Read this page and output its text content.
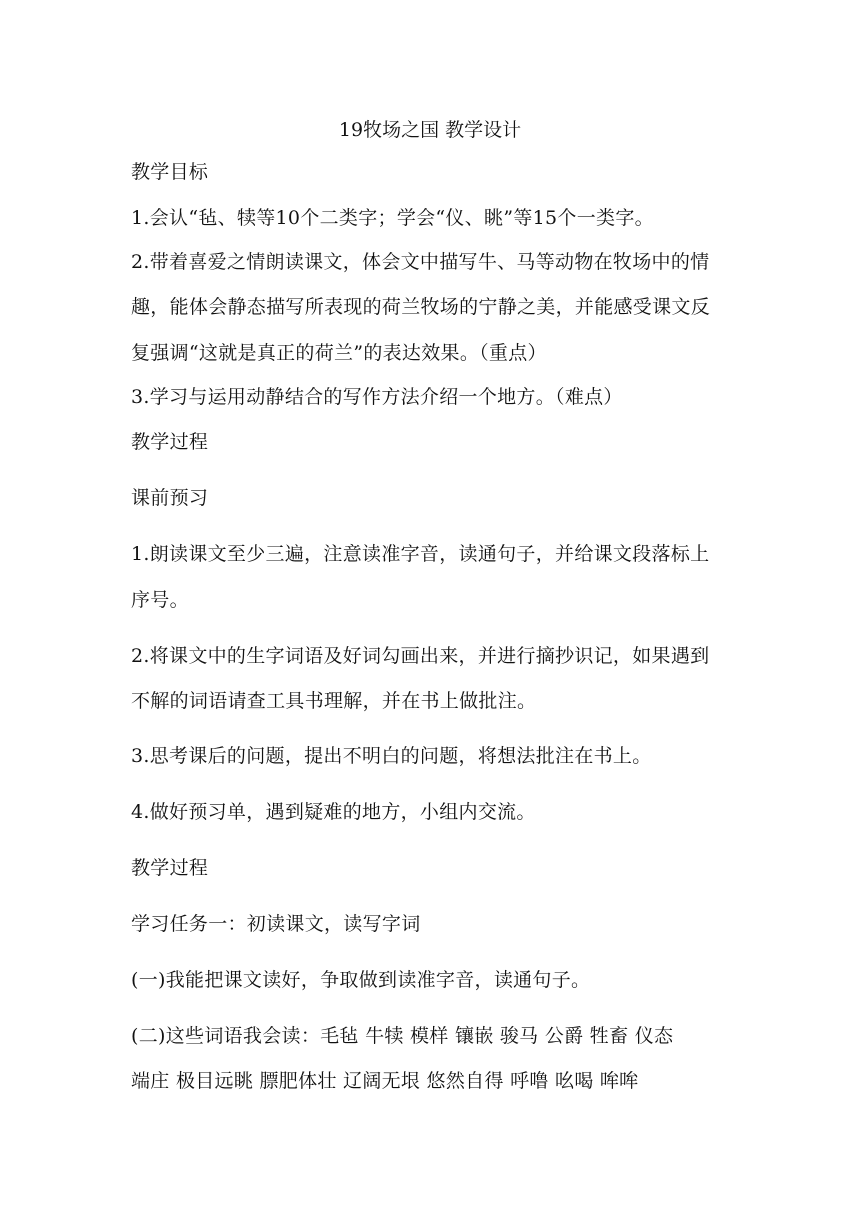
19牧场之国 教学设计
教学目标
1.会认“毡、犊等10个二类字；学会“仪、眺”等15个一类字。
2.带着喜爱之情朗读课文，体会文中描写牛、马等动物在牧场中的情
趣，能体会静态描写所表现的荷兰牧场的宁静之美，并能感受课文反
复强调“这就是真正的荷兰”的表达效果。（重点）
3.学习与运用动静结合的写作方法介绍一个地方。（难点）
教学过程
课前预习
1.朗读课文至少三遍，注意读准字音，读通句子，并给课文段落标上
序号。
2.将课文中的生字词语及好词勾画出来，并进行摘抄识记，如果遇到
不解的词语请查工具书理解，并在书上做批注。
3.思考课后的问题，提出不明白的问题，将想法批注在书上。
4.做好预习单，遇到疑难的地方，小组内交流。
教学过程
学习任务一：初读课文，读写字词
(一)我能把课文读好，争取做到读准字音，读通句子。
(二)这些词语我会读：毛毡 牛犊 模样 镶嵌 骏马 公爵 牲畜 仪态
端庄 极目远眺 膘肥体壮 辽阔无垠 悠然自得 呼噜 吆喝 哞哞
